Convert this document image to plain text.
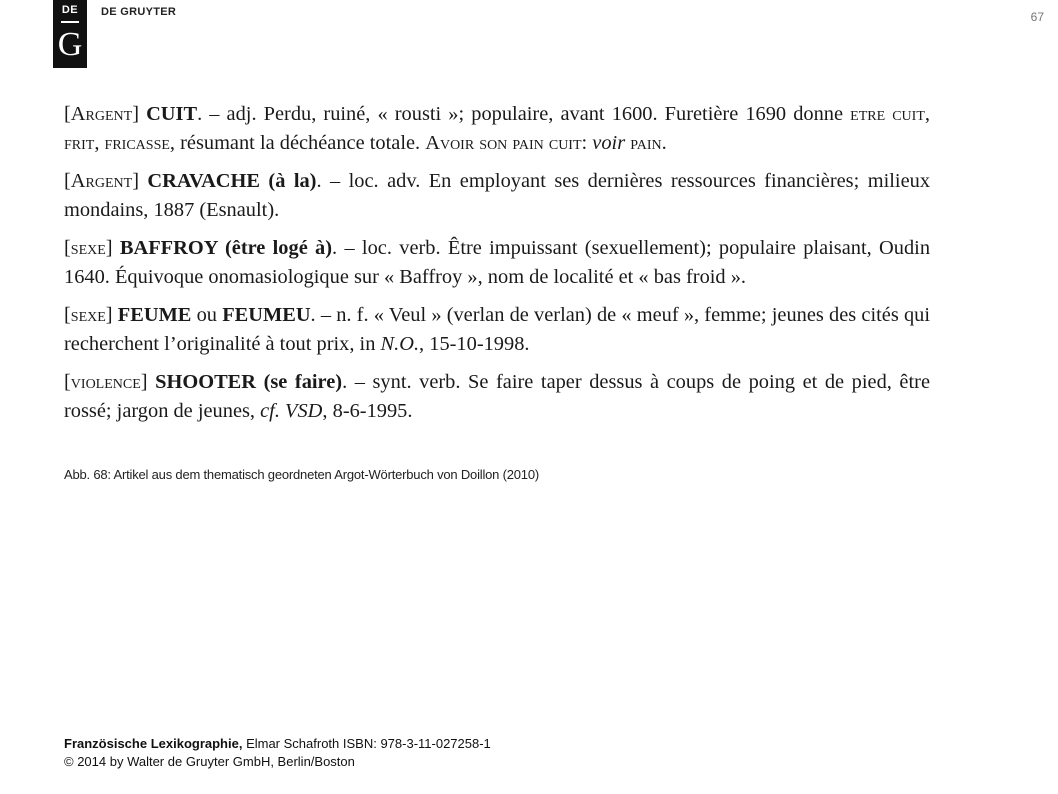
DE
G
DE GRUYTER	67

[Argent] CUIT. – adj. Perdu, ruiné, « rousti »; populaire, avant 1600. Furetière 1690 donne etre cuit, frit, fricasse, résumant la déchéance totale. Avoir son pain cuit: voir pain.

[Argent] CRAVACHE (à la). – loc. adv. En employant ses dernières ressources financières; milieux mondains, 1887 (Esnault).

[sexe] BAFFROY (être logé à). – loc. verb. Être impuissant (sexuellement); populaire plaisant, Oudin 1640. Équivoque onomasiologique sur « Baffroy », nom de localité et « bas froid ».

[sexe] FEUME ou FEUMEU. – n. f. « Veul » (verlan de verlan) de « meuf », femme; jeunes des cités qui recherchent l’originalité à tout prix, in N.O., 15-10-1998.

[violence] SHOOTER (se faire). – synt. verb. Se faire taper dessus à coups de poing et de pied, être rossé; jargon de jeunes, cf. VSD, 8-6-1995.

Abb. 68: Artikel aus dem thematisch geordneten Argot-Wörterbuch von Doillon (2010)
Französische Lexikographie, Elmar Schafroth ISBN: 978-3-11-027258-1
© 2014 by Walter de Gruyter GmbH, Berlin/Boston
